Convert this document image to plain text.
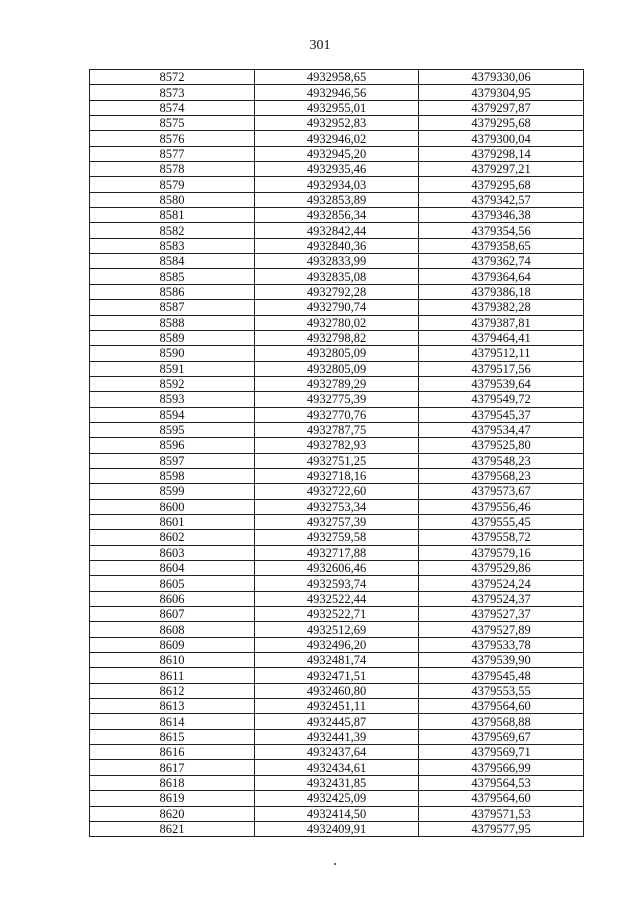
301
8572	4932958,65	4379330,06
8573	4932946,56	4379304,95
8574	4932955,01	4379297,87
8575	4932952,83	4379295,68
8576	4932946,02	4379300,04
8577	4932945,20	4379298,14
8578	4932935,46	4379297,21
8579	4932934,03	4379295,68
8580	4932853,89	4379342,57
8581	4932856,34	4379346,38
8582	4932842,44	4379354,56
8583	4932840,36	4379358,65
8584	4932833,99	4379362,74
8585	4932835,08	4379364,64
8586	4932792,28	4379386,18
8587	4932790,74	4379382,28
8588	4932780,02	4379387,81
8589	4932798,82	4379464,41
8590	4932805,09	4379512,11
8591	4932805,09	4379517,56
8592	4932789,29	4379539,64
8593	4932775,39	4379549,72
8594	4932770,76	4379545,37
8595	4932787,75	4379534,47
8596	4932782,93	4379525,80
8597	4932751,25	4379548,23
8598	4932718,16	4379568,23
8599	4932722,60	4379573,67
8600	4932753,34	4379556,46
8601	4932757,39	4379555,45
8602	4932759,58	4379558,72
8603	4932717,88	4379579,16
8604	4932606,46	4379529,86
8605	4932593,74	4379524,24
8606	4932522,44	4379524,37
8607	4932522,71	4379527,37
8608	4932512,69	4379527,89
8609	4932496,20	4379533,78
8610	4932481,74	4379539,90
8611	4932471,51	4379545,48
8612	4932460,80	4379553,55
8613	4932451,11	4379564,60
8614	4932445,87	4379568,88
8615	4932441,39	4379569,67
8616	4932437,64	4379569,71
8617	4932434,61	4379566,99
8618	4932431,85	4379564,53
8619	4932425,09	4379564,60
8620	4932414,50	4379571,53
8621	4932409,91	4379577,95
